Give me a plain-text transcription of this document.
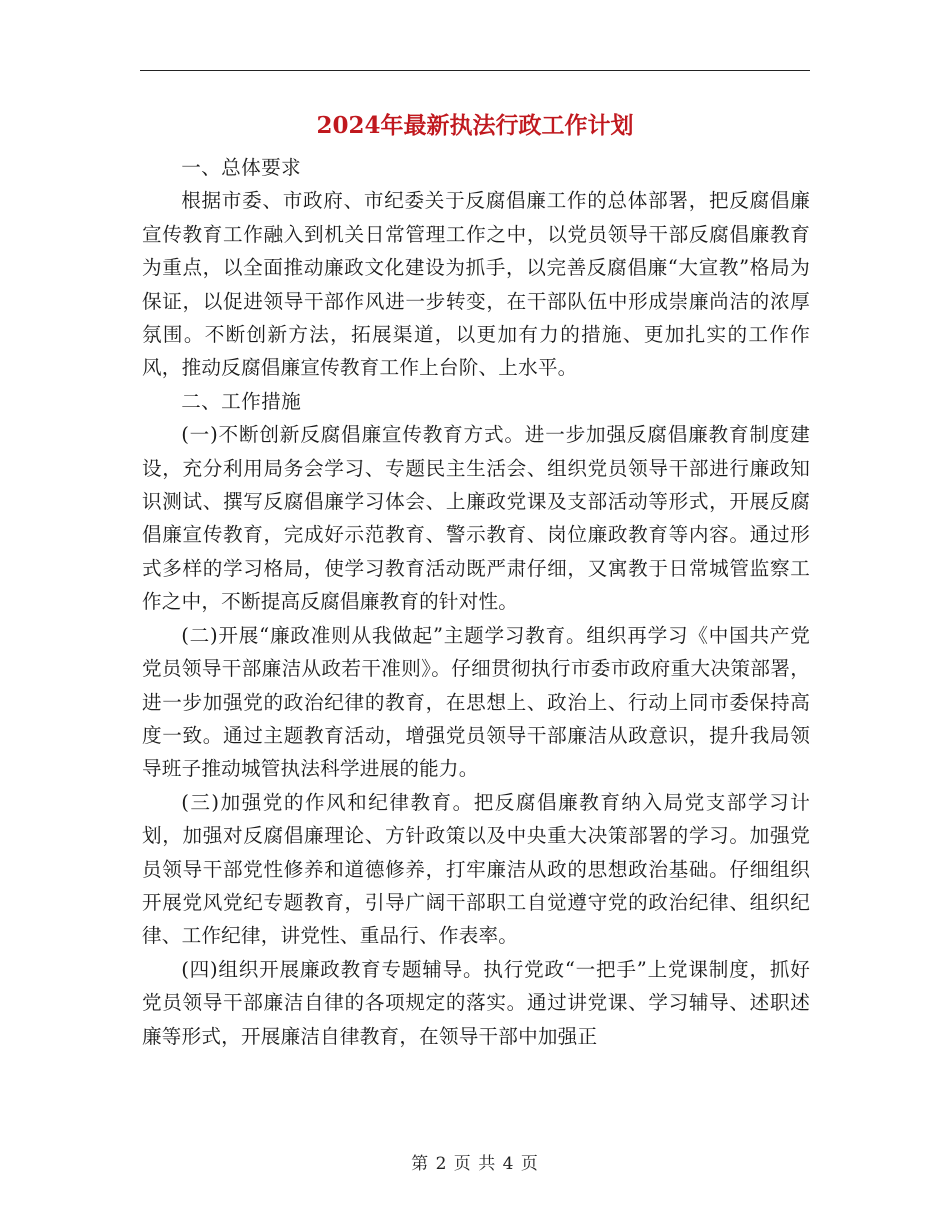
2024年最新执法行政工作计划

一、总体要求

根据市委、市政府、市纪委关于反腐倡廉工作的总体部署，把反腐倡廉宣传教育工作融入到机关日常管理工作之中，以党员领导干部反腐倡廉教育为重点，以全面推动廉政文化建设为抓手，以完善反腐倡廉“大宣教”格局为保证，以促进领导干部作风进一步转变，在干部队伍中形成崇廉尚洁的浓厚氛围。不断创新方法，拓展渠道，以更加有力的措施、更加扎实的工作作风，推动反腐倡廉宣传教育工作上台阶、上水平。

二、工作措施

(一)不断创新反腐倡廉宣传教育方式。进一步加强反腐倡廉教育制度建设，充分利用局务会学习、专题民主生活会、组织党员领导干部进行廉政知识测试、撰写反腐倡廉学习体会、上廉政党课及支部活动等形式，开展反腐倡廉宣传教育，完成好示范教育、警示教育、岗位廉政教育等内容。通过形式多样的学习格局，使学习教育活动既严肃仔细，又寓教于日常城管监察工作之中，不断提高反腐倡廉教育的针对性。

(二)开展“廉政准则从我做起”主题学习教育。组织再学习《中国共产党党员领导干部廉洁从政若干准则》。仔细贯彻执行市委市政府重大决策部署，进一步加强党的政治纪律的教育，在思想上、政治上、行动上同市委保持高度一致。通过主题教育活动，增强党员领导干部廉洁从政意识，提升我局领导班子推动城管执法科学进展的能力。

(三)加强党的作风和纪律教育。把反腐倡廉教育纳入局党支部学习计划，加强对反腐倡廉理论、方针政策以及中央重大决策部署的学习。加强党员领导干部党性修养和道德修养，打牢廉洁从政的思想政治基础。仔细组织开展党风党纪专题教育，引导广阔干部职工自觉遵守党的政治纪律、组织纪律、工作纪律，讲党性、重品行、作表率。

(四)组织开展廉政教育专题辅导。执行党政“一把手”上党课制度，抓好党员领导干部廉洁自律的各项规定的落实。通过讲党课、学习辅导、述职述廉等形式，开展廉洁自律教育，在领导干部中加强正

第 2 页 共 4 页
